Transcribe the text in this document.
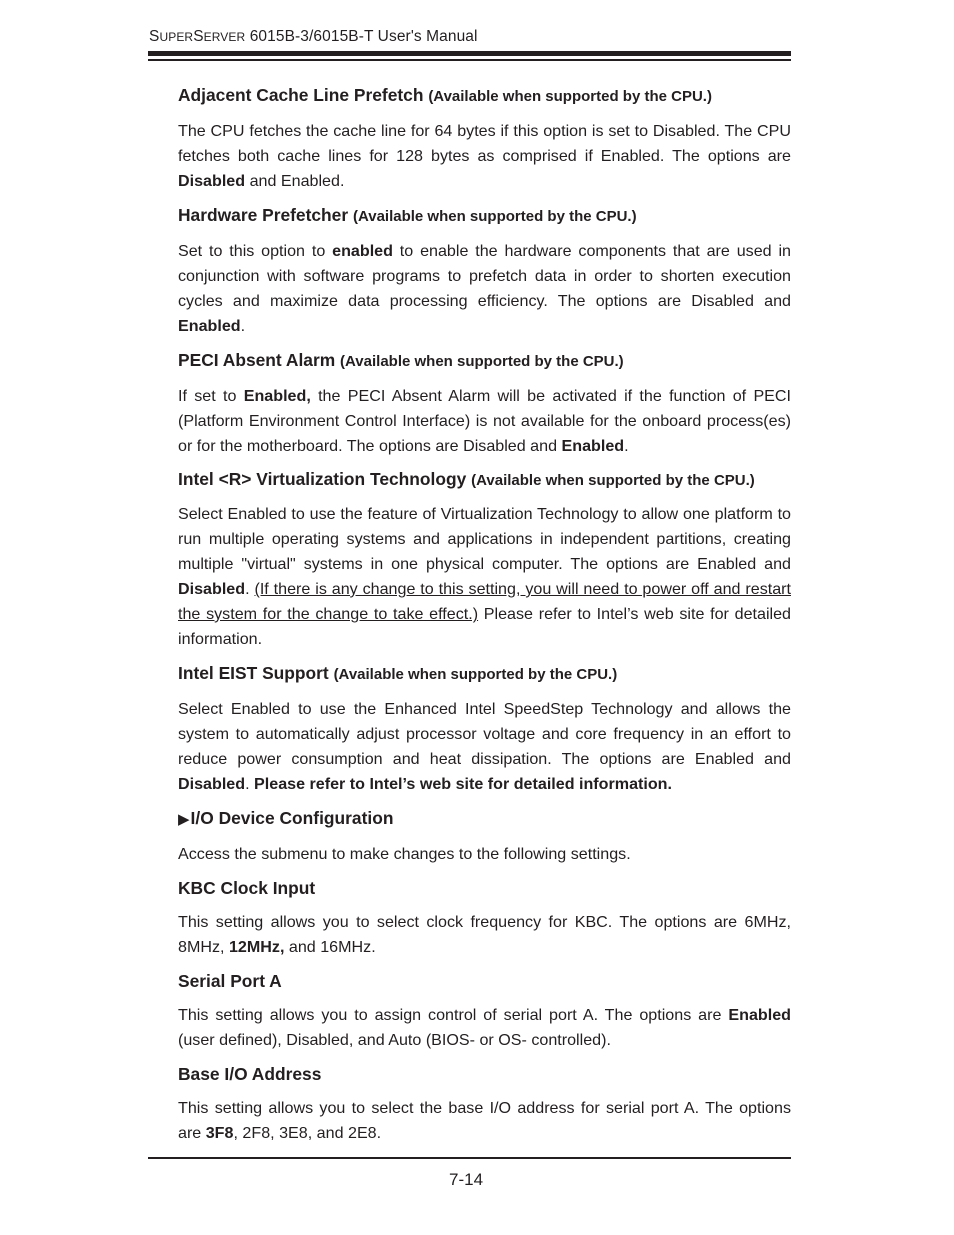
SUPERSERVER 6015B-3/6015B-T User's Manual
Adjacent Cache Line Prefetch (Available when supported by the CPU.)
The CPU fetches the cache line for 64 bytes if this option is set to Disabled. The CPU fetches both cache lines for 128 bytes as comprised if Enabled. The options are Disabled and Enabled.
Hardware Prefetcher (Available when supported by the CPU.)
Set to this option to enabled to enable the hardware components that are used in conjunction with software programs to prefetch data in order to shorten execution cycles and maximize data processing efficiency. The options are Disabled and Enabled.
PECI Absent Alarm (Available when supported by the CPU.)
If set to Enabled, the PECI Absent Alarm will be activated if the function of PECI (Platform Environment Control Interface) is not available for the onboard process(es) or for the motherboard. The options are Disabled and Enabled.
Intel <R> Virtualization Technology (Available when supported by the CPU.)
Select Enabled to use the feature of Virtualization Technology to allow one platform to run multiple operating systems and applications in independent partitions, creating multiple "virtual" systems in one physical computer. The options are Enabled and Disabled. (If there is any change to this setting, you will need to power off and restart the system for the change to take effect.) Please refer to Intel’s web site for detailed information.
Intel EIST Support (Available when supported by the CPU.)
Select Enabled to use the Enhanced Intel SpeedStep Technology and allows the system to automatically adjust processor voltage and core frequency in an effort to reduce power consumption and heat dissipation. The options are Enabled and Disabled. Please refer to Intel’s web site for detailed information.
▶I/O Device Configuration
Access the submenu to make changes to the following settings.
KBC Clock Input
This setting allows you to select clock frequency for KBC. The options are 6MHz, 8MHz, 12MHz, and 16MHz.
Serial Port A
This setting allows you to assign control of serial port A. The options are Enabled (user defined), Disabled, and Auto (BIOS- or OS- controlled).
Base I/O Address
This setting allows you to select the base I/O address for serial port A. The options are 3F8, 2F8, 3E8, and 2E8.
7-14
